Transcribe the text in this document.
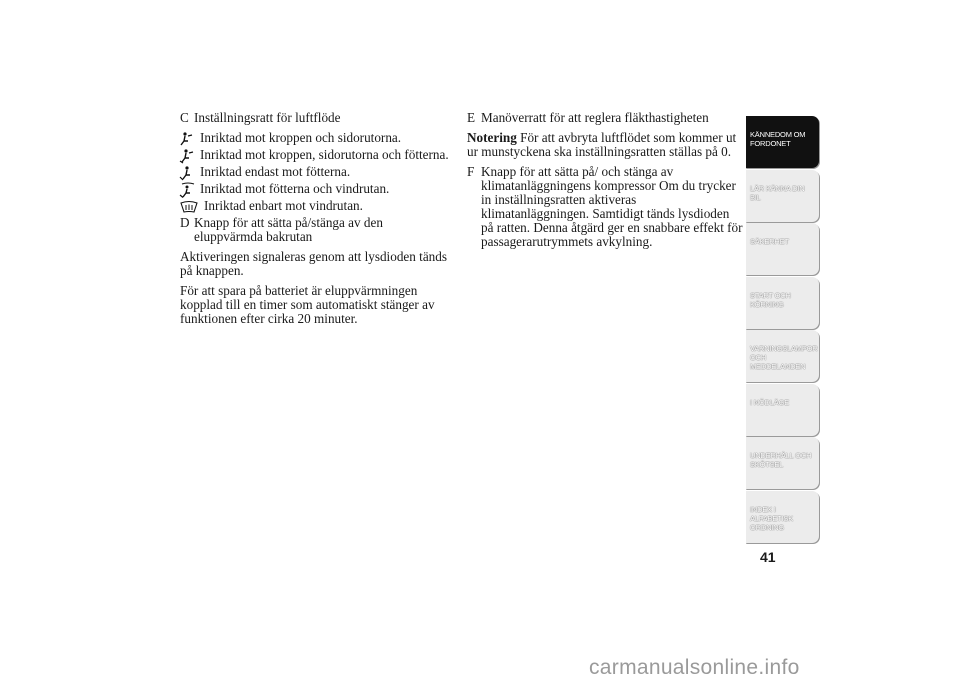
C Inställningsratt för luftflöde

Inriktad mot kroppen och sidorutorna.
Inriktad mot kroppen, sidorutorna och fötterna.
Inriktad endast mot fötterna.
Inriktad mot fötterna och vindrutan.
Inriktad enbart mot vindrutan.

D Knapp för att sätta på/stänga av den eluppvärmda bakrutan

Aktiveringen signaleras genom att lysdioden tänds på knappen.

För att spara på batteriet är eluppvärmningen kopplad till en timer som automatiskt stänger av funktionen efter cirka 20 minuter.

E Manöverratt för att reglera fläkthastigheten

Notering För att avbryta luftflödet som kommer ut ur munstyckena ska inställningsratten ställas på 0.

F Knapp för att sätta på/ och stänga av klimatanläggningens kompressor Om du trycker in inställningsratten aktiveras klimatanläggningen. Samtidigt tänds lysdioden på ratten. Denna åtgärd ger en snabbare effekt för passagerarutrymmets avkylning.

KÄNNEDOM OM
FORDONET
LÄR KÄNNA DIN
BIL
SÄKERHET
START OCH
KÖRNING
VARNINGSLAMPOR
OCH
MEDDELANDEN
I NÖDLÄGE
UNDERHÅLL OCH
SKÖTSEL
INDEX I
ALFABETISK
ORDNING
41
carmanualsonline.info
